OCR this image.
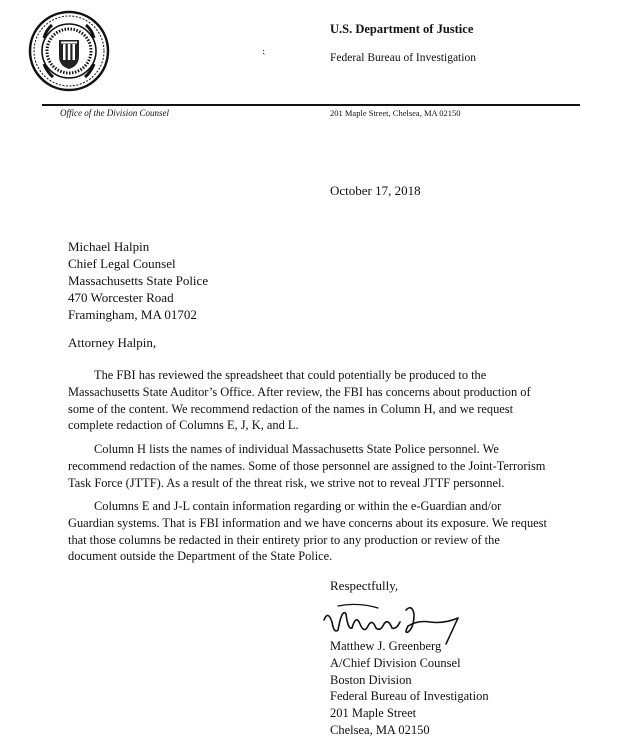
⁏
U.S. Department of Justice
Federal Bureau of Investigation
Office of the Division Counsel	201 Maple Street, Chelsea, MA 02150
October 17, 2018
Michael Halpin
Chief Legal Counsel
Massachusetts State Police
470 Worcester Road
Framingham, MA 01702
Attorney Halpin,
The FBI has reviewed the spreadsheet that could potentially be produced to the Massachusetts State Auditor’s Office. After review, the FBI has concerns about production of some of the content. We recommend redaction of the names in Column H, and we request complete redaction of Columns E, J, K, and L.
Column H lists the names of individual Massachusetts State Police personnel. We recommend redaction of the names. Some of those personnel are assigned to the Joint-Terrorism Task Force (JTTF). As a result of the threat risk, we strive not to reveal JTTF personnel.
Columns E and J-L contain information regarding or within the e-Guardian and/or Guardian systems. That is FBI information and we have concerns about its exposure. We request that those columns be redacted in their entirety prior to any production or review of the document outside the Department of the State Police.
Respectfully,
Matthew J. Greenberg
A/Chief Division Counsel
Boston Division
Federal Bureau of Investigation
201 Maple Street
Chelsea, MA 02150
